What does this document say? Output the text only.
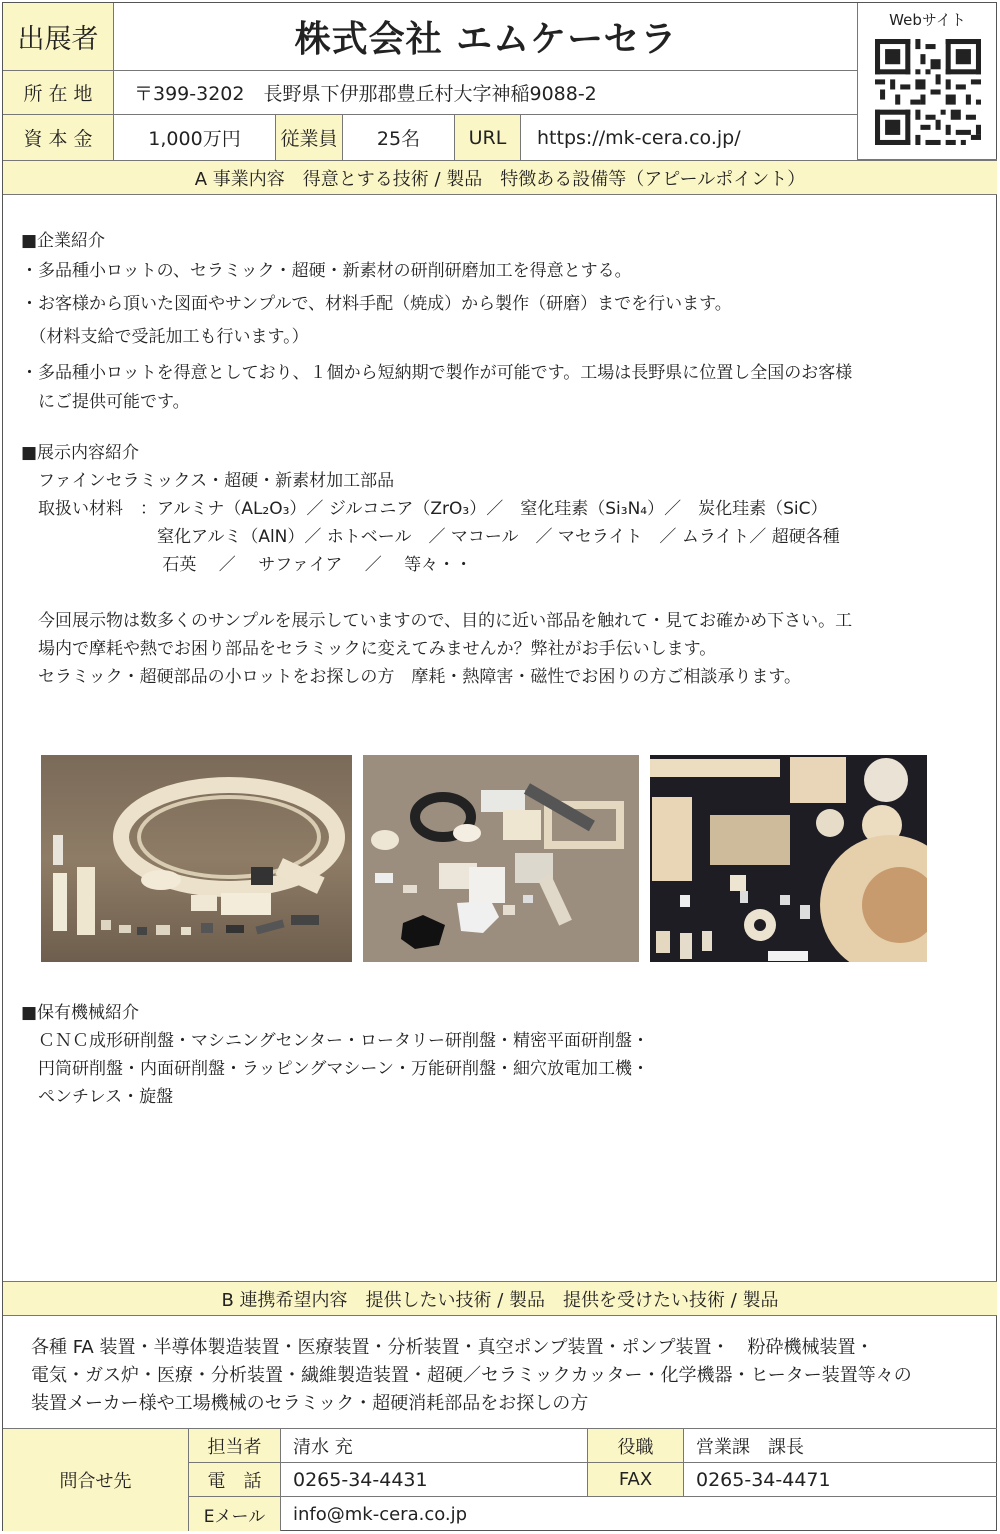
出展者	株式会社 エムケーセラ	Webサイト
所 在 地	〒399-3202　長野県下伊那郡豊丘村大字神稲9088-2
資 本 金	1,000万円	従業員	25名	URL	https://mk-cera.co.jp/
A 事業内容　得意とする技術 / 製品　特徴ある設備等（アピールポイント）
■企業紹介
・多品種小ロットの、セラミック・超硬・新素材の研削研磨加工を得意とする。
・お客様から頂いた図面やサンプルで、材料手配（焼成）から製作（研磨）までを行います。
　（材料支給で受託加工も行います。）
・多品種小ロットを得意としており、１個から短納期で製作が可能です。工場は長野県に位置し全国のお客様
　にご提供可能です。
■展示内容紹介
　ファインセラミックス・超硬・新素材加工部品
　取扱い材料　：アルミナ（AL₂O₃）／ ジルコニア（ZrO₃）／　窒化珪素（Si₃N₄）／　炭化珪素（SiC）
　　　　　　　　窒化アルミ（AlN）／ ホトベール　／ マコール　／ マセライト　／ ムライト／ 超硬各種
　　　　　　　　 石英　 ／　 サファイア　 ／　 等々・・
　今回展示物は数多くのサンプルを展示していますので、目的に近い部品を触れて・見てお確かめ下さい。工
　場内で摩耗や熱でお困り部品をセラミックに変えてみませんか？弊社がお手伝いします。
　セラミック・超硬部品の小ロットをお探しの方　摩耗・熱障害・磁性でお困りの方ご相談承ります。
■保有機械紹介
　ＣＮＣ成形研削盤・マシニングセンター・ロータリー研削盤・精密平面研削盤・
　円筒研削盤・内面研削盤・ラッピングマシーン・万能研削盤・細穴放電加工機・
　ペンチレス・旋盤
B 連携希望内容　提供したい技術 / 製品　提供を受けたい技術 / 製品
各種 FA 装置・半導体製造装置・医療装置・分析装置・真空ポンプ装置・ポンプ装置・　粉砕機械装置・
電気・ガス炉・医療・分析装置・繊維製造装置・超硬／セラミックカッター・化学機器・ヒーター装置等々の
装置メーカー様や工場機械のセラミック・超硬消耗部品をお探しの方
問合せ先
担当者	清水 充	役職	営業課　課長
電　話	0265-34-4431	FAX	0265-34-4471
Eメール	info@mk-cera.co.jp
